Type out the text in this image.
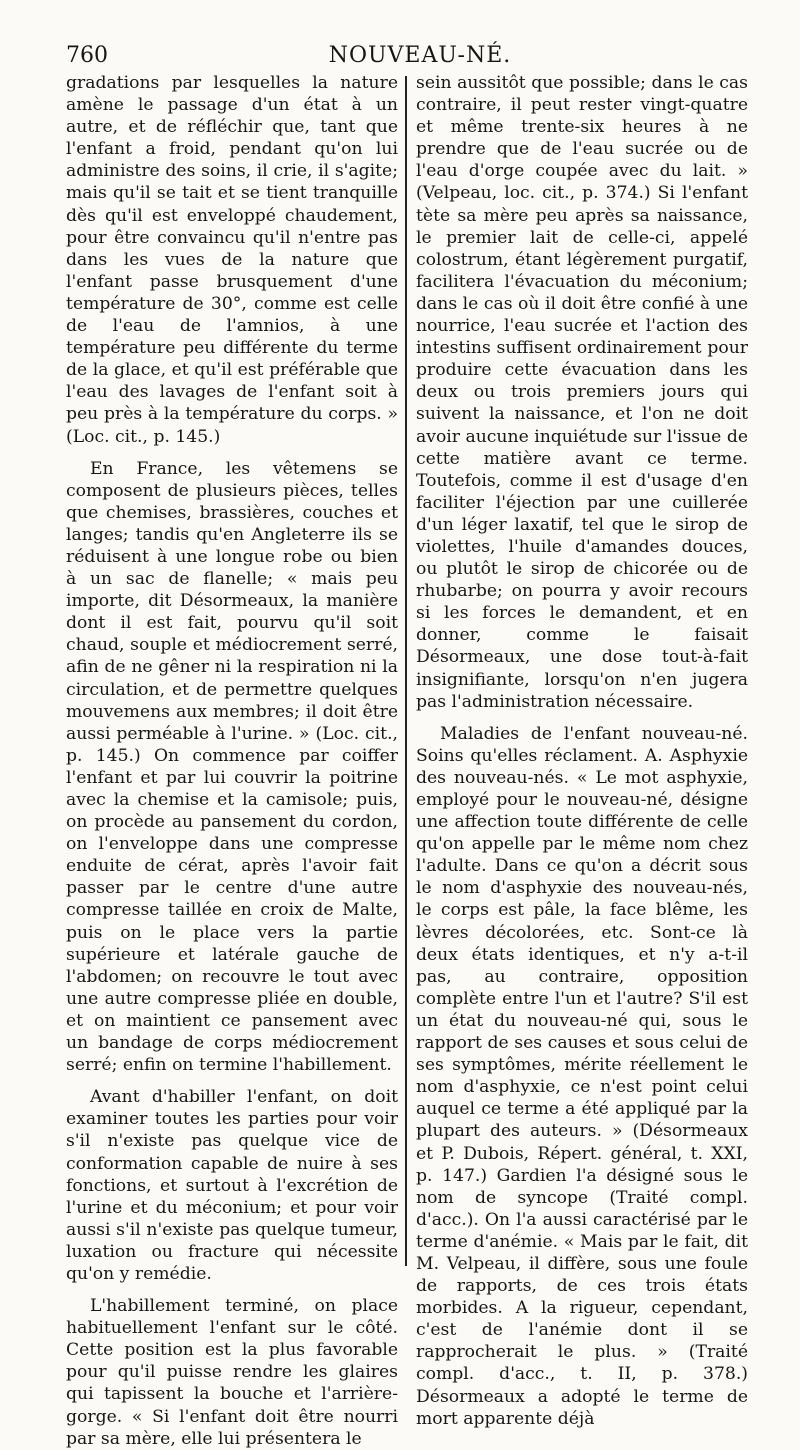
760	NOUVEAU-NÉ.

gradations par lesquelles la nature amène le passage d'un état à un autre, et de réfléchir que, tant que l'enfant a froid, pendant qu'on lui administre des soins, il crie, il s'agite; mais qu'il se tait et se tient tranquille dès qu'il est enveloppé chaudement, pour être convaincu qu'il n'entre pas dans les vues de la nature que l'enfant passe brusquement d'une température de 30°, comme est celle de l'eau de l'amnios, à une température peu différente du terme de la glace, et qu'il est préférable que l'eau des lavages de l'enfant soit à peu près à la température du corps. » (Loc. cit., p. 145.)

En France, les vêtemens se composent de plusieurs pièces, telles que chemises, brassières, couches et langes; tandis qu'en Angleterre ils se réduisent à une longue robe ou bien à un sac de flanelle; « mais peu importe, dit Désormeaux, la manière dont il est fait, pourvu qu'il soit chaud, souple et médiocrement serré, afin de ne gêner ni la respiration ni la circulation, et de permettre quelques mouvemens aux membres; il doit être aussi perméable à l'urine. » (Loc. cit., p. 145.) On commence par coiffer l'enfant et par lui couvrir la poitrine avec la chemise et la camisole; puis, on procède au pansement du cordon, on l'enveloppe dans une compresse enduite de cérat, après l'avoir fait passer par le centre d'une autre compresse taillée en croix de Malte, puis on le place vers la partie supérieure et latérale gauche de l'abdomen; on recouvre le tout avec une autre compresse pliée en double, et on maintient ce pansement avec un bandage de corps médiocrement serré; enfin on termine l'habillement.

Avant d'habiller l'enfant, on doit examiner toutes les parties pour voir s'il n'existe pas quelque vice de conformation capable de nuire à ses fonctions, et surtout à l'excrétion de l'urine et du méconium; et pour voir aussi s'il n'existe pas quelque tumeur, luxation ou fracture qui nécessite qu'on y remédie.

L'habillement terminé, on place habituellement l'enfant sur le côté. Cette position est la plus favorable pour qu'il puisse rendre les glaires qui tapissent la bouche et l'arrière-gorge. « Si l'enfant doit être nourri par sa mère, elle lui présentera le

sein aussitôt que possible; dans le cas contraire, il peut rester vingt-quatre et même trente-six heures à ne prendre que de l'eau sucrée ou de l'eau d'orge coupée avec du lait. » (Velpeau, loc. cit., p. 374.) Si l'enfant tète sa mère peu après sa naissance, le premier lait de celle-ci, appelé colostrum, étant légèrement purgatif, facilitera l'évacuation du méconium; dans le cas où il doit être confié à une nourrice, l'eau sucrée et l'action des intestins suffisent ordinairement pour produire cette évacuation dans les deux ou trois premiers jours qui suivent la naissance, et l'on ne doit avoir aucune inquiétude sur l'issue de cette matière avant ce terme. Toutefois, comme il est d'usage d'en faciliter l'éjection par une cuillerée d'un léger laxatif, tel que le sirop de violettes, l'huile d'amandes douces, ou plutôt le sirop de chicorée ou de rhubarbe; on pourra y avoir recours si les forces le demandent, et en donner, comme le faisait Désormeaux, une dose tout-à-fait insignifiante, lorsqu'on n'en jugera pas l'administration nécessaire.

Maladies de l'enfant nouveau-né. Soins qu'elles réclament. A. Asphyxie des nouveau-nés. « Le mot asphyxie, employé pour le nouveau-né, désigne une affection toute différente de celle qu'on appelle par le même nom chez l'adulte. Dans ce qu'on a décrit sous le nom d'asphyxie des nouveau-nés, le corps est pâle, la face blême, les lèvres décolorées, etc. Sont-ce là deux états identiques, et n'y a-t-il pas, au contraire, opposition complète entre l'un et l'autre? S'il est un état du nouveau-né qui, sous le rapport de ses causes et sous celui de ses symptômes, mérite réellement le nom d'asphyxie, ce n'est point celui auquel ce terme a été appliqué par la plupart des auteurs. » (Désormeaux et P. Dubois, Répert. général, t. XXI, p. 147.) Gardien l'a désigné sous le nom de syncope (Traité compl. d'acc.). On l'a aussi caractérisé par le terme d'anémie. « Mais par le fait, dit M. Velpeau, il diffère, sous une foule de rapports, de ces trois états morbides. A la rigueur, cependant, c'est de l'anémie dont il se rapprocherait le plus. » (Traité compl. d'acc., t. II, p. 378.) Désormeaux a adopté le terme de mort apparente déjà
